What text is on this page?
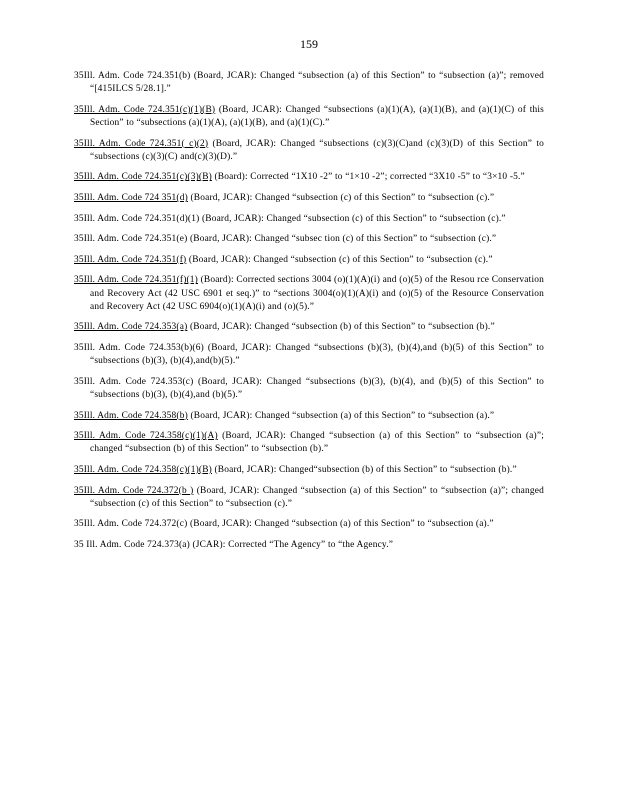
159

35Ill. Adm. Code 724.351(b) (Board, JCAR): Changed “subsection (a) of this Section” to “subsection (a)”; removed “[415ILCS 5/28.1].”

35Ill. Adm. Code 724.351(c)(1)(B) (Board, JCAR): Changed “subsections (a)(1)(A), (a)(1)(B), and (a)(1)(C) of this Section” to “subsections (a)(1)(A), (a)(1)(B), and (a)(1)(C).”

35Ill. Adm. Code 724.351( c)(2) (Board, JCAR): Changed “subsections (c)(3)(C)and (c)(3)(D) of this Section” to “subsections (c)(3)(C) and(c)(3)(D).”

35Ill. Adm. Code 724.351(c)(3)(B) (Board): Corrected “1X10 -2” to “1×10 -2”; corrected “3X10 -5” to “3×10 -5.”

35Ill. Adm. Code 724 351(d) (Board, JCAR): Changed “subsection (c) of this Section” to “subsection (c).”

35Ill. Adm. Code 724.351(d)(1) (Board, JCAR): Changed “subsection (c) of this Section” to “subsection (c).”

35Ill. Adm. Code 724.351(e) (Board, JCAR): Changed “subsec tion (c) of this Section” to “subsection (c).”

35Ill. Adm. Code 724.351(f) (Board, JCAR): Changed “subsection (c) of this Section” to “subsection (c).”

35Ill. Adm. Code 724.351(f)(1) (Board): Corrected sections 3004 (o)(1)(A)(i) and (o)(5) of the Resou rce Conservation and Recovery Act (42 USC 6901 et seq.)” to “sections 3004(o)(1)(A)(i) and (o)(5) of the Resource Conservation and Recovery Act (42 USC 6904(o)(1)(A)(i) and (o)(5).”

35Ill. Adm. Code 724.353(a) (Board, JCAR): Changed “subsection (b) of this Section” to “subsection (b).”

35Ill. Adm. Code 724.353(b)(6) (Board, JCAR): Changed “subsections (b)(3), (b)(4),and (b)(5) of this Section” to “subsections (b)(3), (b)(4),and(b)(5).”

35Ill. Adm. Code 724.353(c) (Board, JCAR): Changed “subsections (b)(3), (b)(4), and (b)(5) of this Section” to “subsections (b)(3), (b)(4),and (b)(5).”

35Ill. Adm. Code 724.358(b) (Board, JCAR): Changed “subsection (a) of this Section” to “subsection (a).”

35Ill. Adm. Code 724.358(c)(1)(A) (Board, JCAR): Changed “subsection (a) of this Section” to “subsection (a)”; changed “subsection (b) of this Section” to “subsection (b).”

35Ill. Adm. Code 724.358(c)(1)(B) (Board, JCAR): Changed“subsection (b) of this Section” to “subsection (b).”

35Ill. Adm. Code 724.372(b ) (Board, JCAR): Changed “subsection (a) of this Section” to “subsection (a)”; changed “subsection (c) of this Section” to “subsection (c).”

35Ill. Adm. Code 724.372(c) (Board, JCAR): Changed “subsection (a) of this Section” to “subsection (a).”

35 Ill. Adm. Code 724.373(a) (JCAR): Corrected “The Agency” to “the Agency.”
